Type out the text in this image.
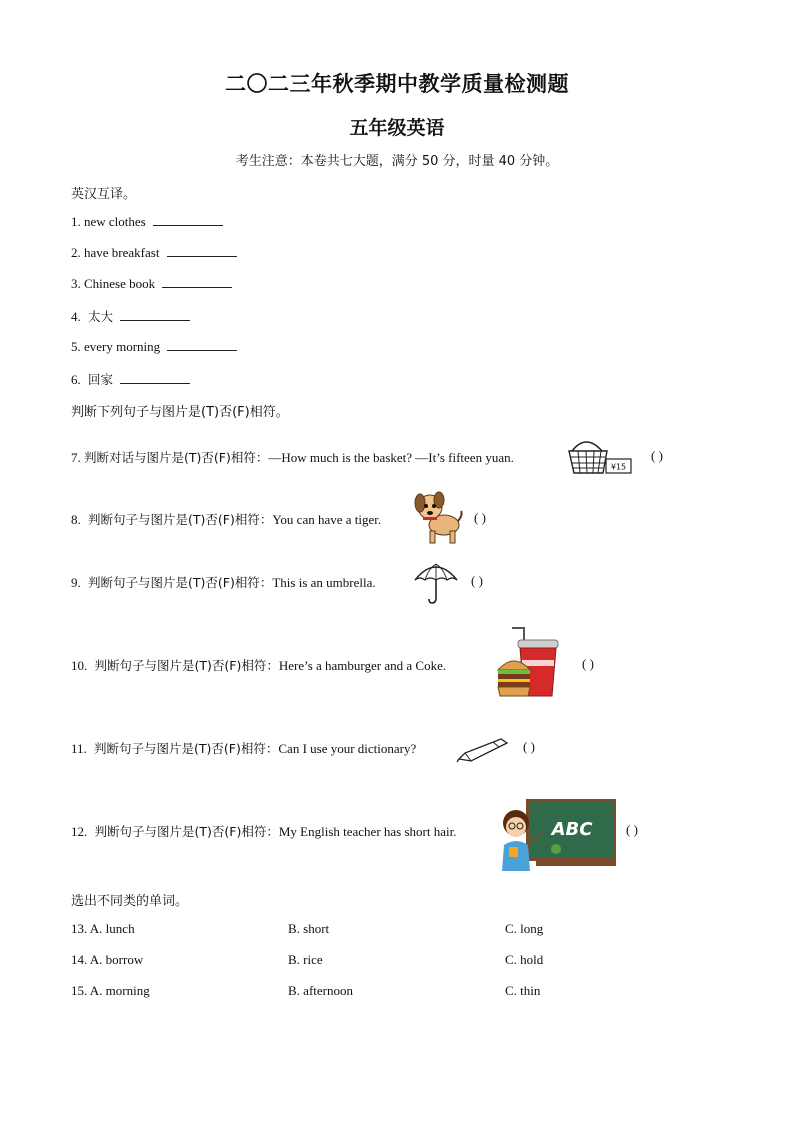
二〇二三年秋季期中教学质量检测题
五年级英语
考生注意：本卷共七大题，满分 50 分，时量 40 分钟。
英汉互译。
1. new clothes
2. have breakfast
3. Chinese book
4. 太大
5. every morning
6. 回家
判断下列句子与图片是(T)否(F)相符。
7. 判断对话与图片是(T)否(F)相符：—How much is the basket? —It’s fifteen yuan.
¥15
( )
8. 判断句子与图片是(T)否(F)相符：You can have a tiger.	( )
9. 判断句子与图片是(T)否(F)相符：This is an umbrella.	( )
10. 判断句子与图片是(T)否(F)相符：Here’s a hamburger and a Coke.	( )
11. 判断句子与图片是(T)否(F)相符：Can I use your dictionary?	( )
12. 判断句子与图片是(T)否(F)相符：My English teacher has short hair.	ABC	( )
选出不同类的单词。
13. A. lunch	B. short	C. long
14. A. borrow	B. rice	C. hold
15. A. morning	B. afternoon	C. thin
